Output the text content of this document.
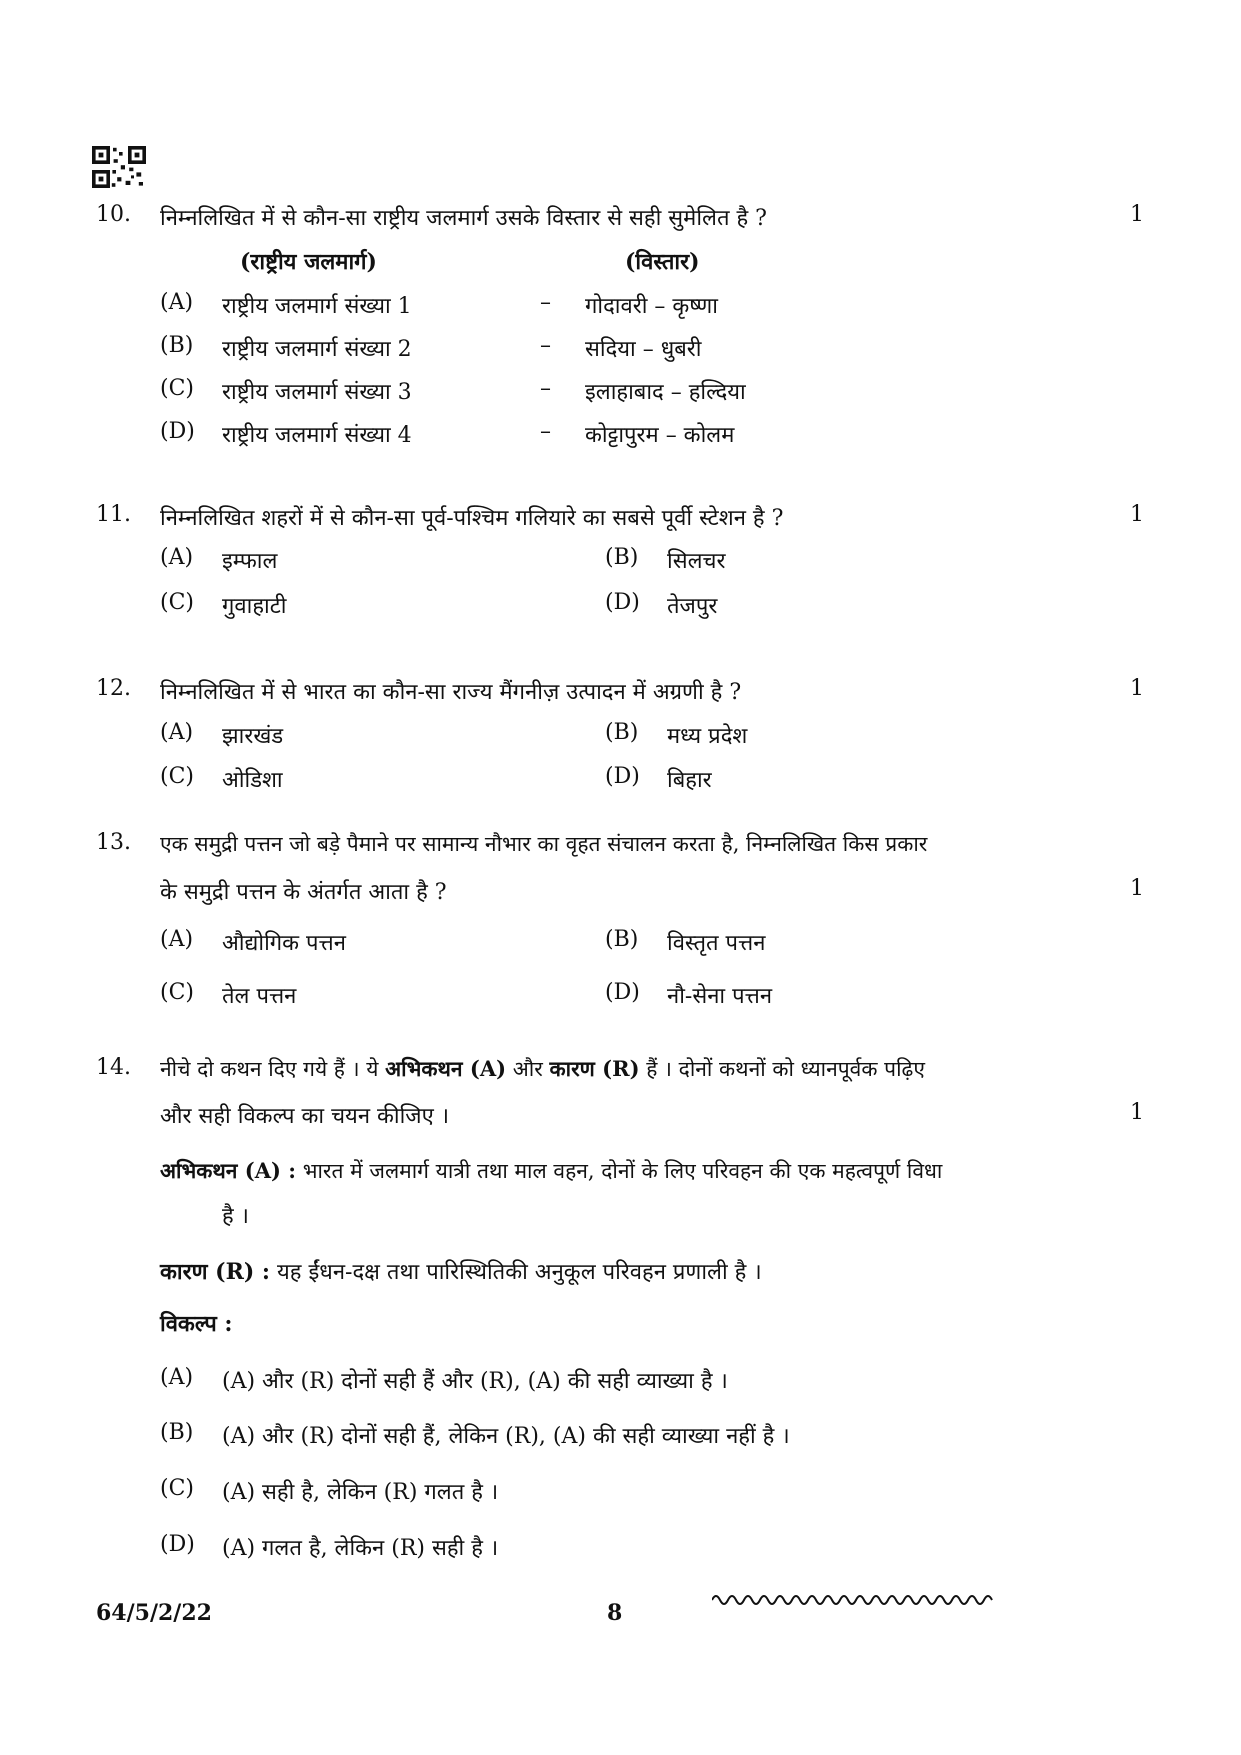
10. निम्नलिखित में से कौन-सा राष्ट्रीय जलमार्ग उसके विस्तार से सही सुमेलित है ?	1
(राष्ट्रीय जलमार्ग)	(विस्तार)
(A) राष्ट्रीय जलमार्ग संख्या 1	– गोदावरी – कृष्णा
(B) राष्ट्रीय जलमार्ग संख्या 2	– सदिया – धुबरी
(C) राष्ट्रीय जलमार्ग संख्या 3	– इलाहाबाद – हल्दिया
(D) राष्ट्रीय जलमार्ग संख्या 4	– कोट्टापुरम – कोलम
11. निम्नलिखित शहरों में से कौन-सा पूर्व-पश्चिम गलियारे का सबसे पूर्वी स्टेशन है ?	1
(A) इम्फाल	(B) सिलचर
(C) गुवाहाटी	(D) तेजपुर
12. निम्नलिखित में से भारत का कौन-सा राज्य मैंगनीज़ उत्पादन में अग्रणी है ?	1
(A) झारखंड	(B) मध्य प्रदेश
(C) ओडिशा	(D) बिहार
13. एक समुद्री पत्तन जो बड़े पैमाने पर सामान्य नौभार का वृहत संचालन करता है, निम्नलिखित किस प्रकार
के समुद्री पत्तन के अंतर्गत आता है ?	1
(A) औद्योगिक पत्तन	(B) विस्तृत पत्तन
(C) तेल पत्तन	(D) नौ-सेना पत्तन
14. नीचे दो कथन दिए गये हैं । ये अभिकथन (A) और कारण (R) हैं । दोनों कथनों को ध्यानपूर्वक पढ़िए
और सही विकल्प का चयन कीजिए ।	1
अभिकथन (A) : भारत में जलमार्ग यात्री तथा माल वहन, दोनों के लिए परिवहन की एक महत्वपूर्ण विधा
है ।
कारण (R) : यह ईंधन-दक्ष तथा पारिस्थितिकी अनुकूल परिवहन प्रणाली है ।
विकल्प :
(A) (A) और (R) दोनों सही हैं और (R), (A) की सही व्याख्या है ।
(B) (A) और (R) दोनों सही हैं, लेकिन (R), (A) की सही व्याख्या नहीं है ।
(C) (A) सही है, लेकिन (R) गलत है ।
(D) (A) गलत है, लेकिन (R) सही है ।
64/5/2/22	8
